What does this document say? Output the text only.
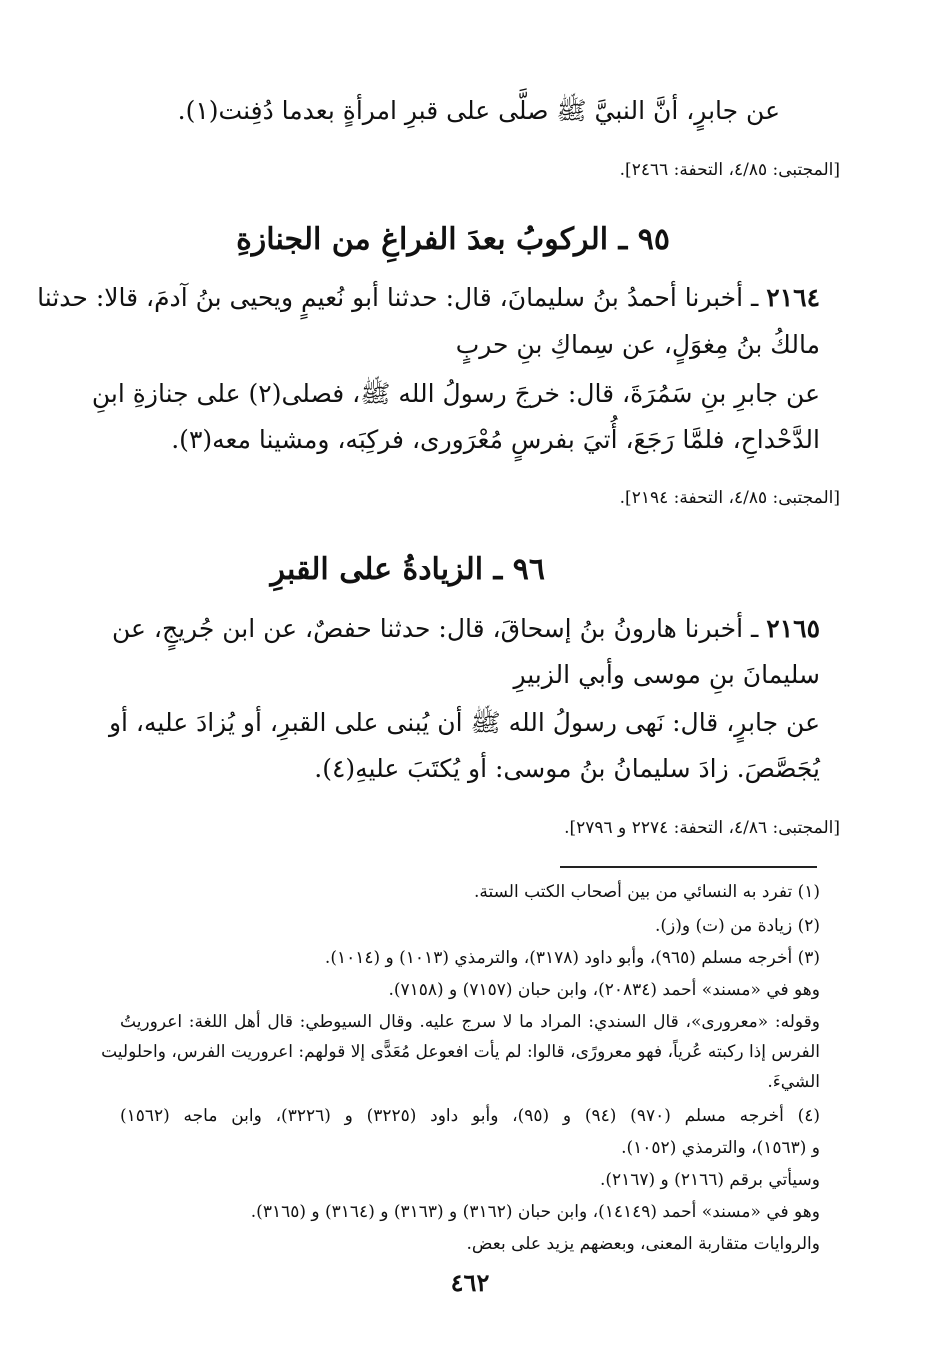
عن جابرٍ، أنَّ النبيَّ ﷺ صلَّى على قبرِ امرأةٍ بعدما دُفِنت(١).
[المجتبى: ٤/٨٥، التحفة: ٢٤٦٦].
٩٥ ـ الركوبُ بعدَ الفراغِ من الجنازةِ
٢١٦٤ ـ أخبرنا أحمدُ بنُ سليمانَ، قال: حدثنا أبو نُعيمٍ ويحيى بنُ آدمَ، قالا: حدثنا
مالكُ بنُ مِغوَلٍ، عن سِماكِ بنِ حربٍ
عن جابرِ بنِ سَمُرَةَ، قال: خرجَ رسولُ الله ﷺ، فصلى(٢) على جنازةِ ابنِ
الدَّحْداحِ، فلمَّا رَجَعَ، أُتيَ بفرسٍ مُعْرَورى، فركِبَه، ومشينا معه(٣).
[المجتبى: ٤/٨٥، التحفة: ٢١٩٤].
٩٦ ـ الزيادةُ على القبرِ
٢١٦٥ ـ أخبرنا هارونُ بنُ إسحاقَ، قال: حدثنا حفصٌ، عن ابن جُريجٍ، عن
سليمانَ بنِ موسى وأبي الزبيرِ
عن جابرٍ، قال: نَهى رسولُ الله ﷺ أن يُبنى على القبرِ، أو يُزادَ عليه، أو
يُجَصَّصَ. زادَ سليمانُ بنُ موسى: أو يُكتَبَ عليهِ(٤).
[المجتبى: ٤/٨٦، التحفة: ٢٢٧٤ و ٢٧٩٦].
(١) تفرد به النسائي من بين أصحاب الكتب الستة.
(٢) زيادة من (ت) و(ز).
(٣) أخرجه مسلم (٩٦٥)، وأبو داود (٣١٧٨)، والترمذي (١٠١٣) و (١٠١٤).
وهو في «مسند» أحمد (٢٠٨٣٤)، وابن حبان (٧١٥٧) و (٧١٥٨).
وقوله: «معرورى»، قال السندي: المراد ما لا سرج عليه. وقال السيوطي: قال أهل اللغة: اعروريتُ
الفرس إذا ركبته عُرياً، فهو معرورًى، قالوا: لم يأت افعوعل مُعَدًّى إلا قولهم: اعروريت الفرس، واحلوليت
الشيءَ.
(٤) أخرجه مسلم (٩٧٠) (٩٤) و (٩٥)، وأبو داود (٣٢٢٥) و (٣٢٢٦)، وابن ماجه (١٥٦٢)
و (١٥٦٣)، والترمذي (١٠٥٢).
وسيأتي برقم (٢١٦٦) و (٢١٦٧).
وهو في «مسند» أحمد (١٤١٤٩)، وابن حبان (٣١٦٢) و (٣١٦٣) و (٣١٦٤) و (٣١٦٥).
والروايات متقاربة المعنى، وبعضهم يزيد على بعض.
٤٦٢
